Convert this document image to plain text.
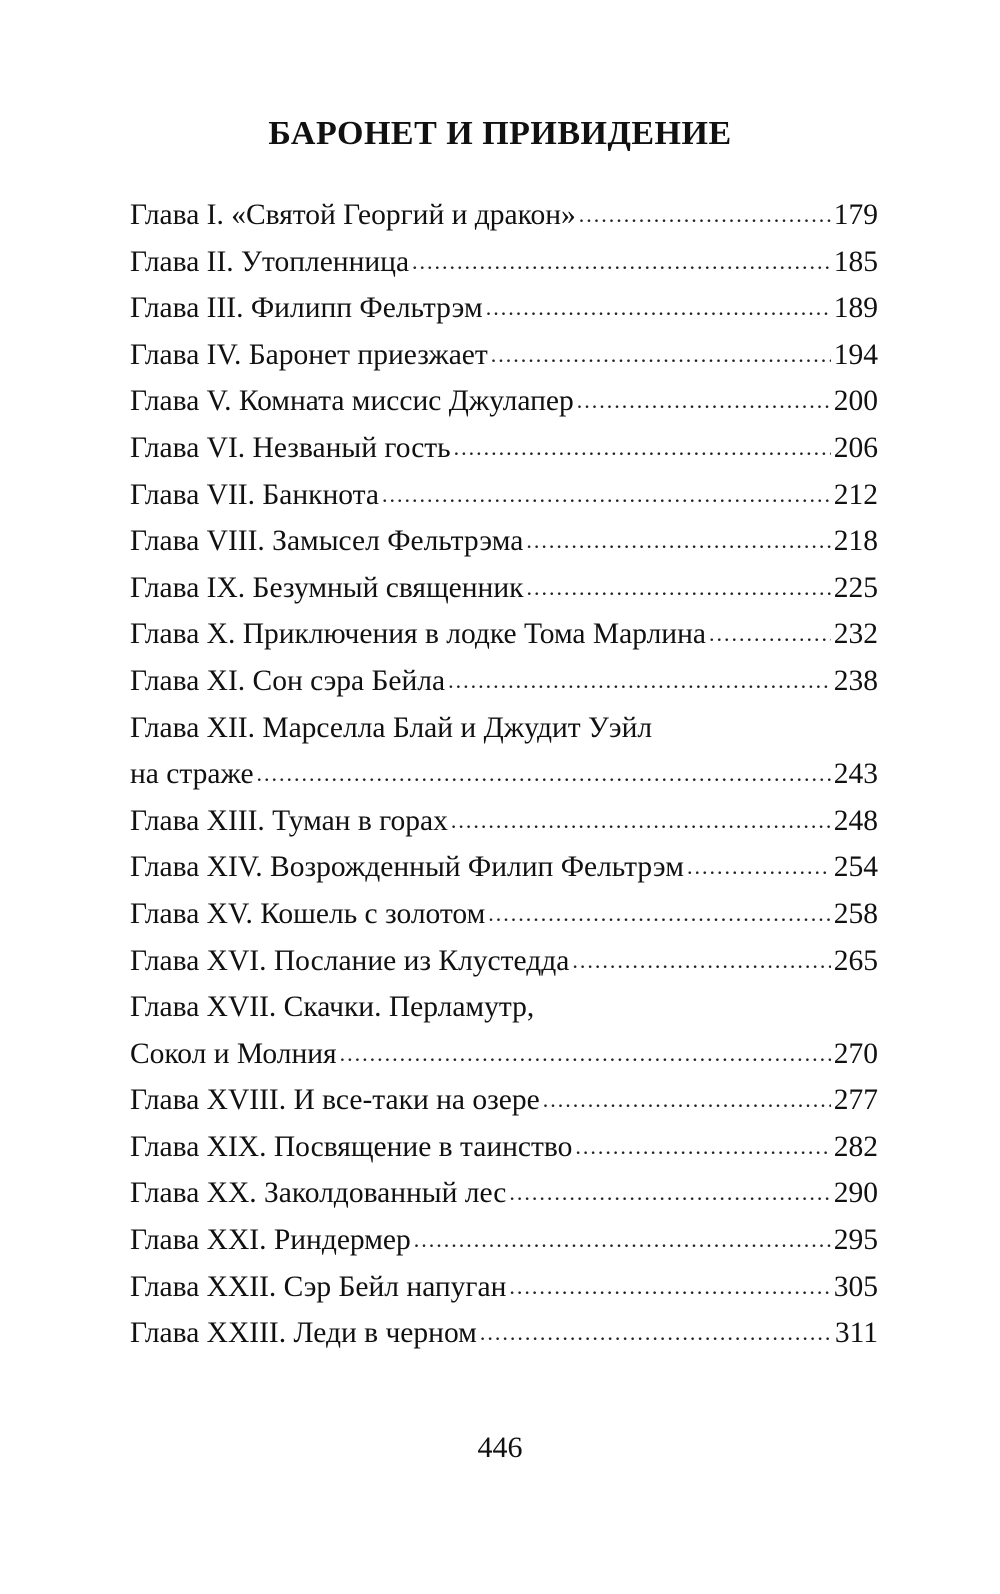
БАРОНЕТ И ПРИВИДЕНИЕ
Глава I. «Святой Георгий и дракон» .....	179
Глава II. Утопленница .....	185
Глава III. Филипп Фельтрэм .....	189
Глава IV. Баронет приезжает .....	194
Глава V. Комната миссис Джулапер .....	200
Глава VI. Незваный гость .....	206
Глава VII. Банкнота .....	212
Глава VIII. Замысел Фельтрэма .....	218
Глава IX. Безумный священник .....	225
Глава X. Приключения в лодке Тома Марлина .....	232
Глава XI. Сон сэра Бейла .....	238
Глава XII. Марселла Блай и Джудит Уэйл
на страже .....	243
Глава XIII. Туман в горах .....	248
Глава XIV. Возрожденный Филип Фельтрэм .....	254
Глава XV. Кошель с золотом .....	258
Глава XVI. Послание из Клустедда .....	265
Глава XVII. Скачки. Перламутр,
Сокол и Молния .....	270
Глава XVIII. И все-таки на озере .....	277
Глава XIX. Посвящение в таинство .....	282
Глава XX. Заколдованный лес .....	290
Глава XXI. Риндермер .....	295
Глава XXII. Сэр Бейл напуган .....	305
Глава XXIII. Леди в черном .....	311
446
